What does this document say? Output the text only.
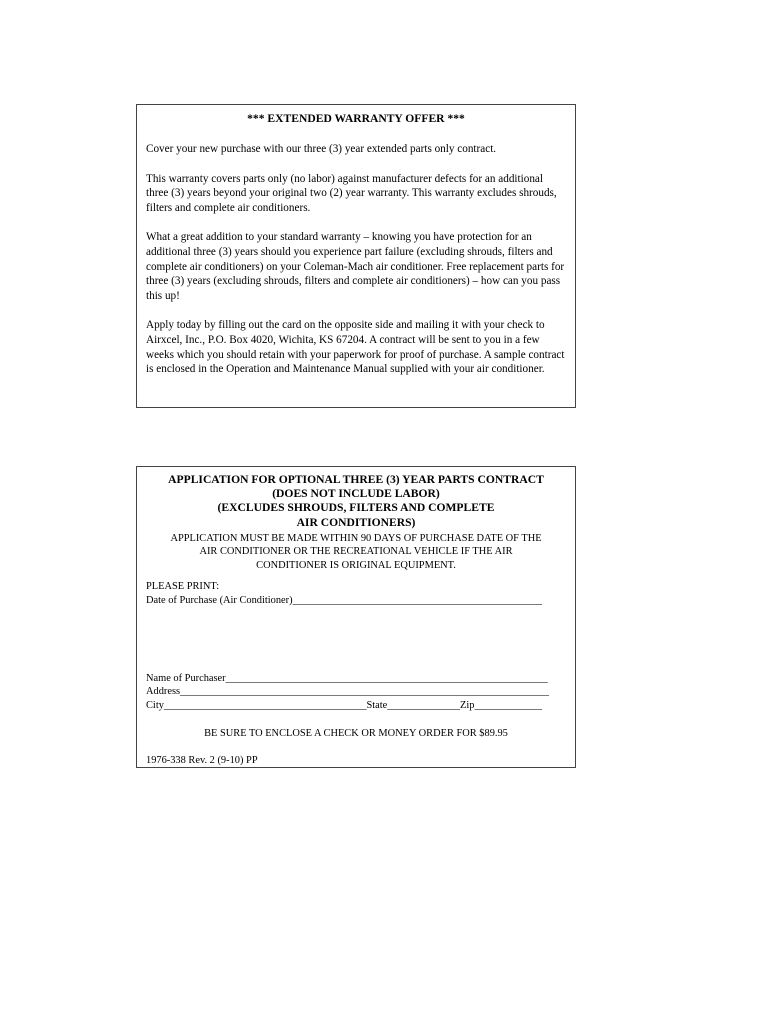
*** EXTENDED WARRANTY OFFER ***

Cover your new purchase with our three (3) year extended parts only contract.

This warranty covers parts only (no labor) against manufacturer defects for an additional three (3) years beyond your original two (2) year warranty. This warranty excludes shrouds, filters and complete air conditioners.

What a great addition to your standard warranty – knowing you have protection for an additional three (3) years should you experience part failure (excluding shrouds, filters and complete air conditioners) on your Coleman-Mach air conditioner. Free replacement parts for three (3) years (excluding shrouds, filters and complete air conditioners) – how can you pass this up!

Apply today by filling out the card on the opposite side and mailing it with your check to Airxcel, Inc., P.O. Box 4020, Wichita, KS 67204. A contract will be sent to you in a few weeks which you should retain with your paperwork for proof of purchase. A sample contract is enclosed in the Operation and Maintenance Manual supplied with your air conditioner.

APPLICATION FOR OPTIONAL THREE (3) YEAR PARTS CONTRACT
(DOES NOT INCLUDE LABOR)
(EXCLUDES SHROUDS, FILTERS AND COMPLETE
AIR CONDITIONERS)
APPLICATION MUST BE MADE WITHIN 90 DAYS OF PURCHASE DATE OF THE
AIR CONDITIONER OR THE RECREATIONAL VEHICLE IF THE AIR
CONDITIONER IS ORIGINAL EQUIPMENT.

PLEASE PRINT:

Date of Purchase (Air Conditioner)________________________________________________

Name of Purchaser______________________________________________________________

Address_______________________________________________________________________

City_______________________________________State______________Zip_____________

BE SURE TO ENCLOSE A CHECK OR MONEY ORDER FOR $89.95

1976-338 Rev. 2 (9-10) PP
